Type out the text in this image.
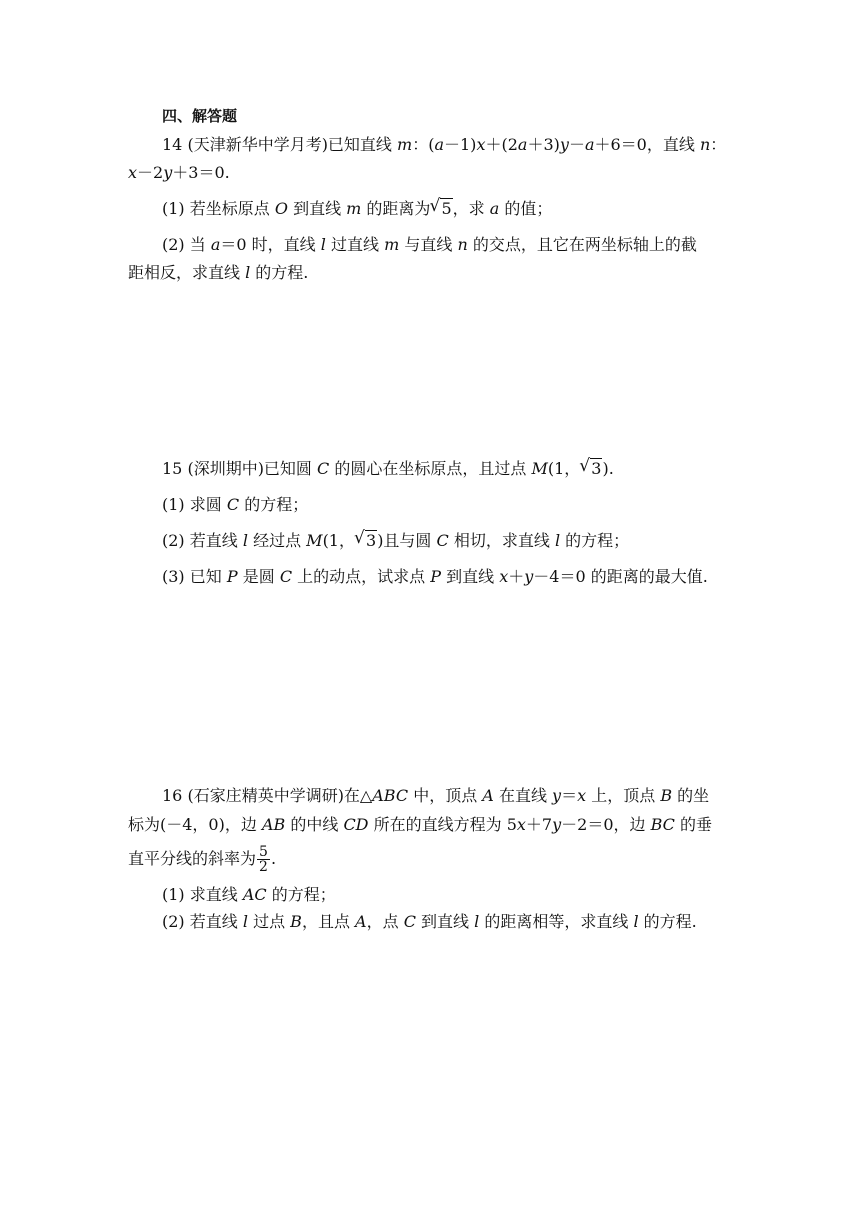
四、解答题
14 (天津新华中学月考)已知直线 m：(a－1)x＋(2a＋3)y－a＋6＝0，直线 n：
x－2y＋3＝0.
(1) 若坐标原点 O 到直线 m 的距离为 √ 5，求 a 的值；
(2) 当 a＝0 时，直线 l 过直线 m 与直线 n 的交点，且它在两坐标轴上的截
距相反，求直线 l 的方程.
15 (深圳期中)已知圆 C 的圆心在坐标原点，且过点 M(1， √ 3).
(1) 求圆 C 的方程；
(2) 若直线 l 经过点 M(1， √ 3)且与圆 C 相切，求直线 l 的方程；
(3) 已知 P 是圆 C 上的动点，试求点 P 到直线 x＋y－4＝0 的距离的最大值.
16 (石家庄精英中学调研)在△ABC 中，顶点 A 在直线 y＝x 上，顶点 B 的坐
标为(－4，0)，边 AB 的中线 CD 所在的直线方程为 5x＋7y－2＝0，边 BC 的垂
直平分线的斜率为 $\frac{5}{2}$ .
(1) 求直线 AC 的方程；
(2) 若直线 l 过点 B，且点 A，点 C 到直线 l 的距离相等，求直线 l 的方程.
